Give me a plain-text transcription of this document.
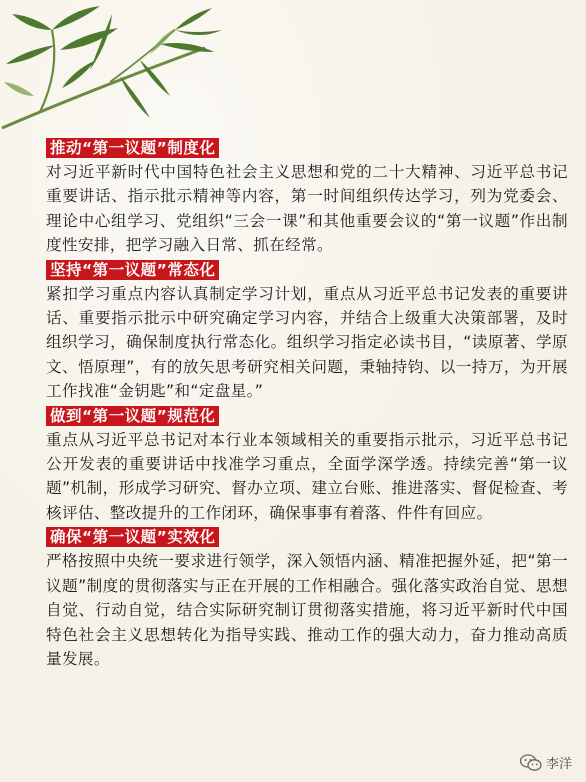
推动“第一议题”制度化

对习近平新时代中国特色社会主义思想和党的二十大精神、习近平总书记重要讲话、指示批示精神等内容，第一时间组织传达学习，列为党委会、理论中心组学习、党组织“三会一课”和其他重要会议的“第一议题”作出制度性安排，把学习融入日常、抓在经常。

坚持“第一议题”常态化

紧扣学习重点内容认真制定学习计划，重点从习近平总书记发表的重要讲话、重要指示批示中研究确定学习内容，并结合上级重大决策部署，及时组织学习，确保制度执行常态化。组织学习指定必读书目，“读原著、学原文、悟原理”，有的放矢思考研究相关问题，秉轴持钧、以一持万，为开展工作找准“金钥匙”和“定盘星。”

做到“第一议题”规范化

重点从习近平总书记对本行业本领域相关的重要指示批示，习近平总书记公开发表的重要讲话中找准学习重点，全面学深学透。持续完善“第一议题”机制，形成学习研究、督办立项、建立台账、推进落实、督促检查、考核评估、整改提升的工作闭环，确保事事有着落、件件有回应。

确保“第一议题”实效化

严格按照中央统一要求进行领学，深入领悟内涵、精准把握外延，把“第一议题”制度的贯彻落实与正在开展的工作相融合。强化落实政治自觉、思想自觉、行动自觉，结合实际研究制订贯彻落实措施，将习近平新时代中国特色社会主义思想转化为指导实践、推动工作的强大动力，奋力推动高质量发展。

李洋
